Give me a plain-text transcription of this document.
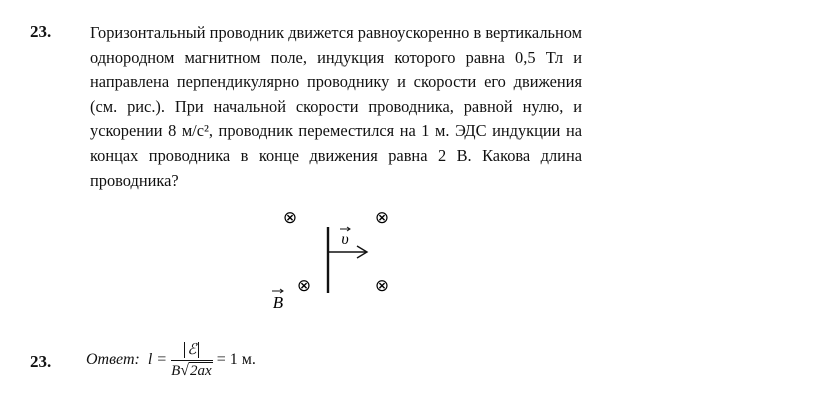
23. Горизонтальный проводник движется равноускоренно в вертикальном однородном магнитном поле, индукция которого равна 0,5 Тл и направлена перпендикулярно проводнику и скорости его движения (см. рис.). При начальной скорости проводника, равной нулю, и ускорении 8 м/с², проводник переместился на 1 м. ЭДС индукции на концах проводника в конце движения равна 2 В. Какова длина проводника?
⊗	⊗
⊗	⊗
υ
B
23. Ответ: $l = \frac{\text{ℰ}}{B √ 2ax} = 1$ м.
